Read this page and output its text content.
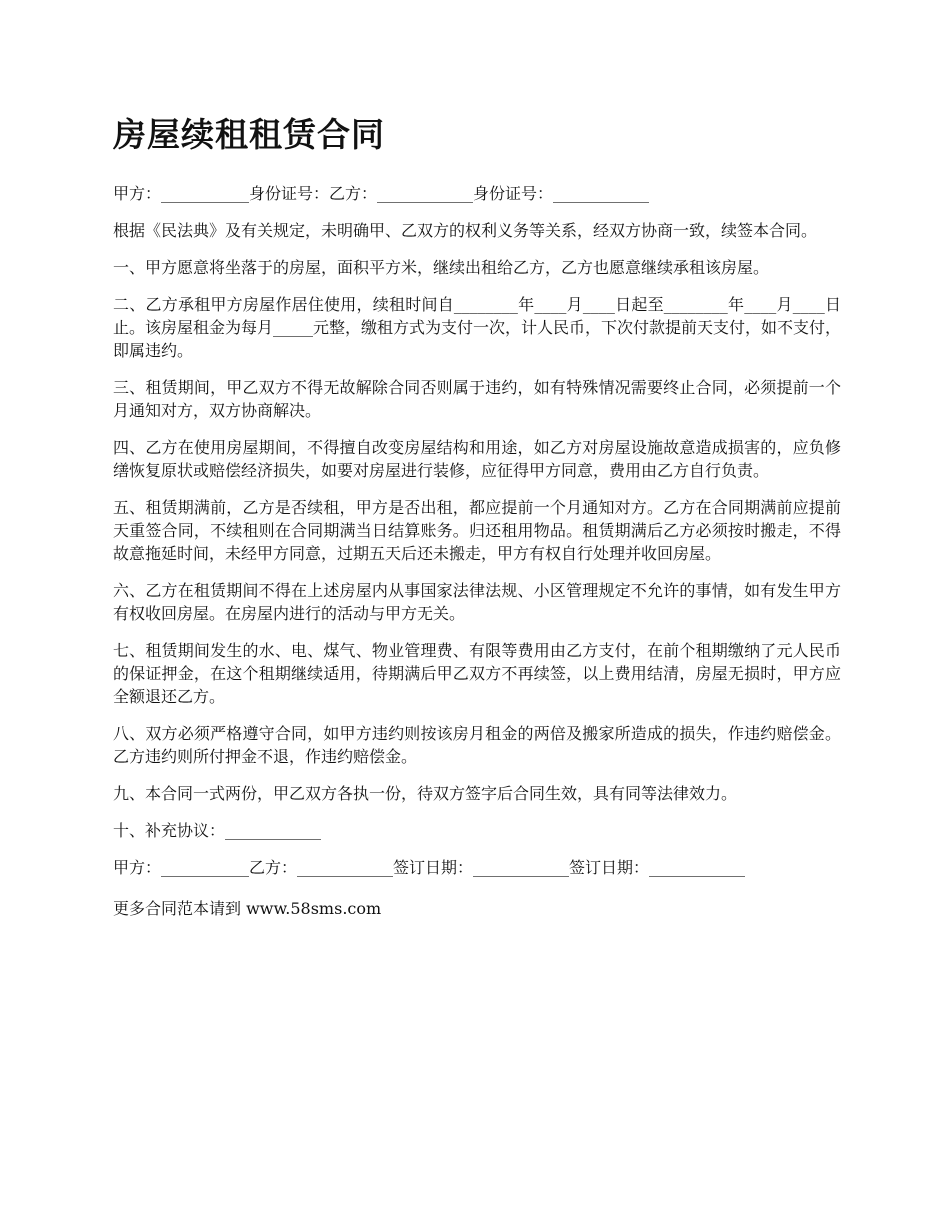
房屋续租租赁合同

甲方：___________身份证号：乙方：____________身份证号：____________

根据《民法典》及有关规定，未明确甲、乙双方的权利义务等关系，经双方协商一致，续签本合同。

一、甲方愿意将坐落于的房屋，面积平方米，继续出租给乙方，乙方也愿意继续承租该房屋。

二、乙方承租甲方房屋作居住使用，续租时间自________年____月____日起至________年____月____日止。该房屋租金为每月_____元整，缴租方式为支付一次，计人民币，下次付款提前天支付，如不支付，即属违约。

三、租赁期间，甲乙双方不得无故解除合同否则属于违约，如有特殊情况需要终止合同，必须提前一个月通知对方，双方协商解决。

四、乙方在使用房屋期间，不得擅自改变房屋结构和用途，如乙方对房屋设施故意造成损害的，应负修缮恢复原状或赔偿经济损失，如要对房屋进行装修，应征得甲方同意，费用由乙方自行负责。

五、租赁期满前，乙方是否续租，甲方是否出租，都应提前一个月通知对方。乙方在合同期满前应提前天重签合同，不续租则在合同期满当日结算账务。归还租用物品。租赁期满后乙方必须按时搬走，不得故意拖延时间，未经甲方同意，过期五天后还未搬走，甲方有权自行处理并收回房屋。

六、乙方在租赁期间不得在上述房屋内从事国家法律法规、小区管理规定不允许的事情，如有发生甲方有权收回房屋。在房屋内进行的活动与甲方无关。

七、租赁期间发生的水、电、煤气、物业管理费、有限等费用由乙方支付，在前个租期缴纳了元人民币的保证押金，在这个租期继续适用，待期满后甲乙双方不再续签，以上费用结清，房屋无损时，甲方应全额退还乙方。

八、双方必须严格遵守合同，如甲方违约则按该房月租金的两倍及搬家所造成的损失，作违约赔偿金。乙方违约则所付押金不退，作违约赔偿金。

九、本合同一式两份，甲乙双方各执一份，待双方签字后合同生效，具有同等法律效力。

十、补充协议：____________

甲方：___________乙方：____________签订日期：____________签订日期：____________

更多合同范本请到 www.58sms.com
